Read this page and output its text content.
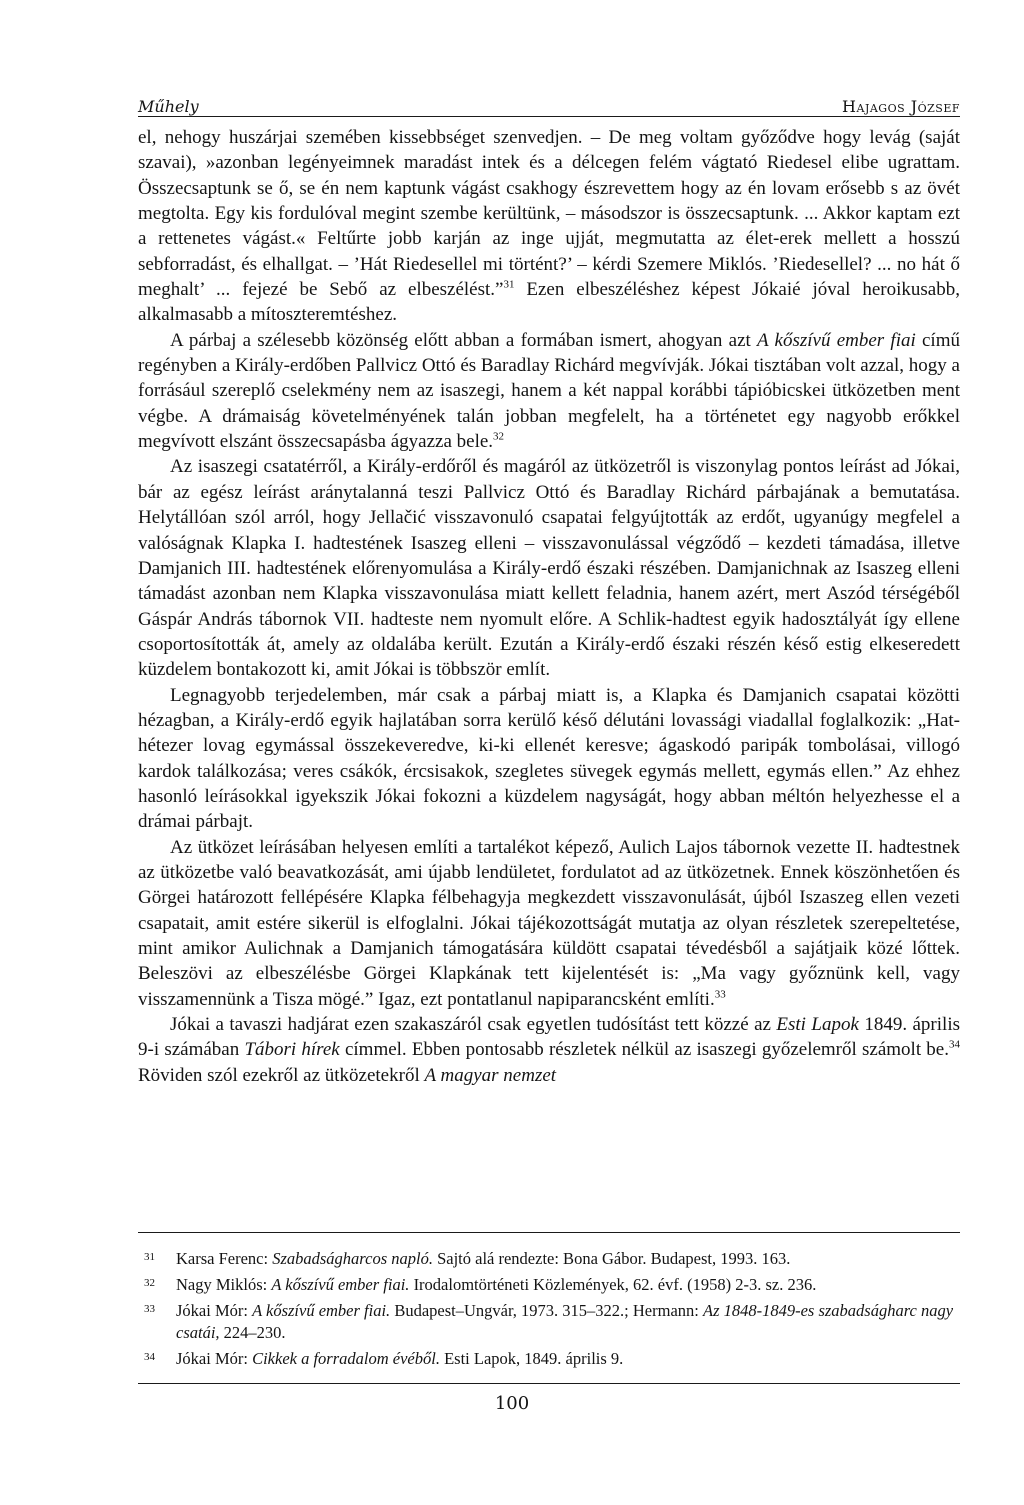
Műhely	Hajagos József

el, nehogy huszárjai szemében kissebbséget szenvedjen. – De meg voltam győződve hogy levág (saját szavai), »azonban legényeimnek maradást intek és a délcegen felém vágtató Riedesel elibe ugrattam. Összecsaptunk se ő, se én nem kaptunk vágást csakhogy észrevettem hogy az én lovam erősebb s az övét megtolta. Egy kis fordulóval megint szembe kerültünk, – másodszor is összecsaptunk. ... Akkor kaptam ezt a rettenetes vágást.« Feltűrte jobb karján az inge ujját, megmutatta az élet-erek mellett a hosszú sebforradást, és elhallgat. – ’Hát Riedesellel mi történt?’ – kérdi Szemere Miklós. ’Riedesellel? ... no hát ő meghalt’ ... fejezé be Sebő az elbeszélést.”$^{31}$ Ezen elbeszéléshez képest Jókaié jóval heroikusabb, alkalmasabb a mítoszteremtéshez.

A párbaj a szélesebb közönség előtt abban a formában ismert, ahogyan azt A kőszívű ember fiai című regényben a Király-erdőben Pallvicz Ottó és Baradlay Richárd megvívják. Jókai tisztában volt azzal, hogy a forrásául szereplő cselekmény nem az isaszegi, hanem a két nappal korábbi tápióbicskei ütközetben ment végbe. A drámaiság követelményének talán jobban megfelelt, ha a történetet egy nagyobb erőkkel megvívott elszánt összecsapásba ágyazza bele.$^{32}$

Az isaszegi csatatérről, a Király-erdőről és magáról az ütközetről is viszonylag pontos leírást ad Jókai, bár az egész leírást aránytalanná teszi Pallvicz Ottó és Baradlay Richárd párbajának a bemutatása. Helytállóan szól arról, hogy Jellačić visszavonuló csapatai felgyújtották az erdőt, ugyanúgy megfelel a valóságnak Klapka I. hadtestének Isaszeg elleni – visszavonulással végződő – kezdeti támadása, illetve Damjanich III. hadtestének előrenyomulása a Király-erdő északi részében. Damjanichnak az Isaszeg elleni támadást azonban nem Klapka visszavonulása miatt kellett feladnia, hanem azért, mert Aszód térségéből Gáspár András tábornok VII. hadteste nem nyomult előre. A Schlik-hadtest egyik hadosztályát így ellene csoportosították át, amely az oldalába került. Ezután a Király-erdő északi részén késő estig elkeseredett küzdelem bontakozott ki, amit Jókai is többször említ.

Legnagyobb terjedelemben, már csak a párbaj miatt is, a Klapka és Damjanich csapatai közötti hézagban, a Király-erdő egyik hajlatában sorra kerülő késő délutáni lovassági viadallal foglalkozik: „Hat-hétezer lovag egymással összekeveredve, ki-ki ellenét keresve; ágaskodó paripák tombolásai, villogó kardok találkozása; veres csákók, ércsisakok, szegletes süvegek egymás mellett, egymás ellen.” Az ehhez hasonló leírásokkal igyekszik Jókai fokozni a küzdelem nagyságát, hogy abban méltón helyezhesse el a drámai párbajt.

Az ütközet leírásában helyesen említi a tartalékot képező, Aulich Lajos tábornok vezette II. hadtestnek az ütközetbe való beavatkozását, ami újabb lendületet, fordulatot ad az ütközetnek. Ennek köszönhetően és Görgei határozott fellépésére Klapka félbehagyja megkezdett visszavonulását, újból Iszaszeg ellen vezeti csapatait, amit estére sikerül is elfoglalni. Jókai tájékozottságát mutatja az olyan részletek szerepeltetése, mint amikor Aulichnak a Damjanich támogatására küldött csapatai tévedésből a sajátjaik közé lőttek. Beleszövi az elbeszélésbe Görgei Klapkának tett kijelentését is: „Ma vagy győznünk kell, vagy visszamennünk a Tisza mögé.” Igaz, ezt pontatlanul napiparancsként említi.$^{33}$

Jókai a tavaszi hadjárat ezen szakaszáról csak egyetlen tudósítást tett közzé az Esti Lapok 1849. április 9-i számában Tábori hírek címmel. Ebben pontosabb részletek nélkül az isaszegi győzelemről számolt be.$^{34}$ Röviden szól ezekről az ütközetekről A magyar nemzet

31 Karsa Ferenc: Szabadságharcos napló. Sajtó alá rendezte: Bona Gábor. Budapest, 1993. 163.
32 Nagy Miklós: A kőszívű ember fiai. Irodalomtörténeti Közlemények, 62. évf. (1958) 2-3. sz. 236.
33 Jókai Mór: A kőszívű ember fiai. Budapest–Ungvár, 1973. 315–322.; Hermann: Az 1848-1849-es szabadságharc nagy csatái, 224–230.
34 Jókai Mór: Cikkek a forradalom évéből. Esti Lapok, 1849. április 9.
100
